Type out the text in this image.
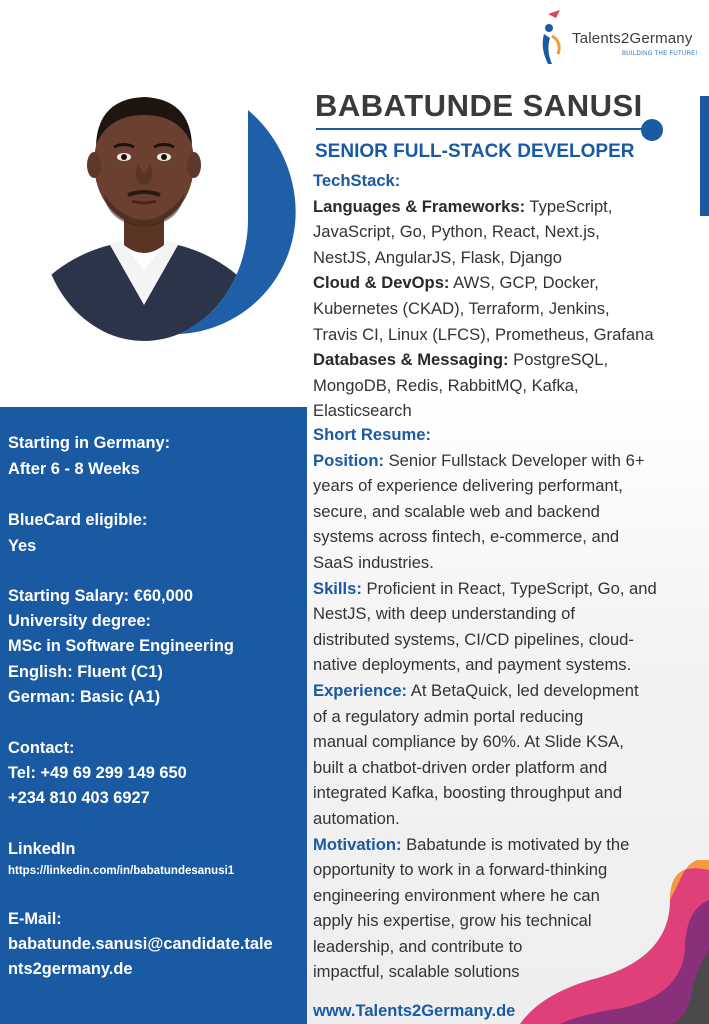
Talents2Germany
BUILDING THE FUTURE!
BABATUNDE SANUSI
SENIOR FULL-STACK DEVELOPER
TechStack:
Languages & Frameworks: TypeScript,
JavaScript, Go, Python, React, Next.js,
NestJS, AngularJS, Flask, Django
Cloud & DevOps: AWS, GCP, Docker,
Kubernetes (CKAD), Terraform, Jenkins,
Travis CI, Linux (LFCS), Prometheus, Grafana
Databases & Messaging: PostgreSQL,
MongoDB, Redis, RabbitMQ, Kafka,
Elasticsearch
Short Resume:
Position: Senior Fullstack Developer with 6+
years of experience delivering performant,
secure, and scalable web and backend
systems across fintech, e-commerce, and
SaaS industries.
Skills: Proficient in React, TypeScript, Go, and
NestJS, with deep understanding of
distributed systems, CI/CD pipelines, cloud-
native deployments, and payment systems.
Experience: At BetaQuick, led development
of a regulatory admin portal reducing
manual compliance by 60%. At Slide KSA,
built a chatbot-driven order platform and
integrated Kafka, boosting throughput and
automation.
Motivation: Babatunde is motivated by the
opportunity to work in a forward-thinking
engineering environment where he can
apply his expertise, grow his technical
leadership, and contribute to
impactful, scalable solutions
Starting in Germany:
After 6 - 8 Weeks
BlueCard eligible:
Yes
Starting Salary: €60,000
University degree:
MSc in Software Engineering
English: Fluent (C1)
German: Basic (A1)
Contact:
Tel: +49 69 299 149 650
+234 810 403 6927
LinkedIn
https://linkedin.com/in/babatundesanusi1
E-Mail:
babatunde.sanusi@candidate.tale
nts2germany.de
www.Talents2Germany.de
